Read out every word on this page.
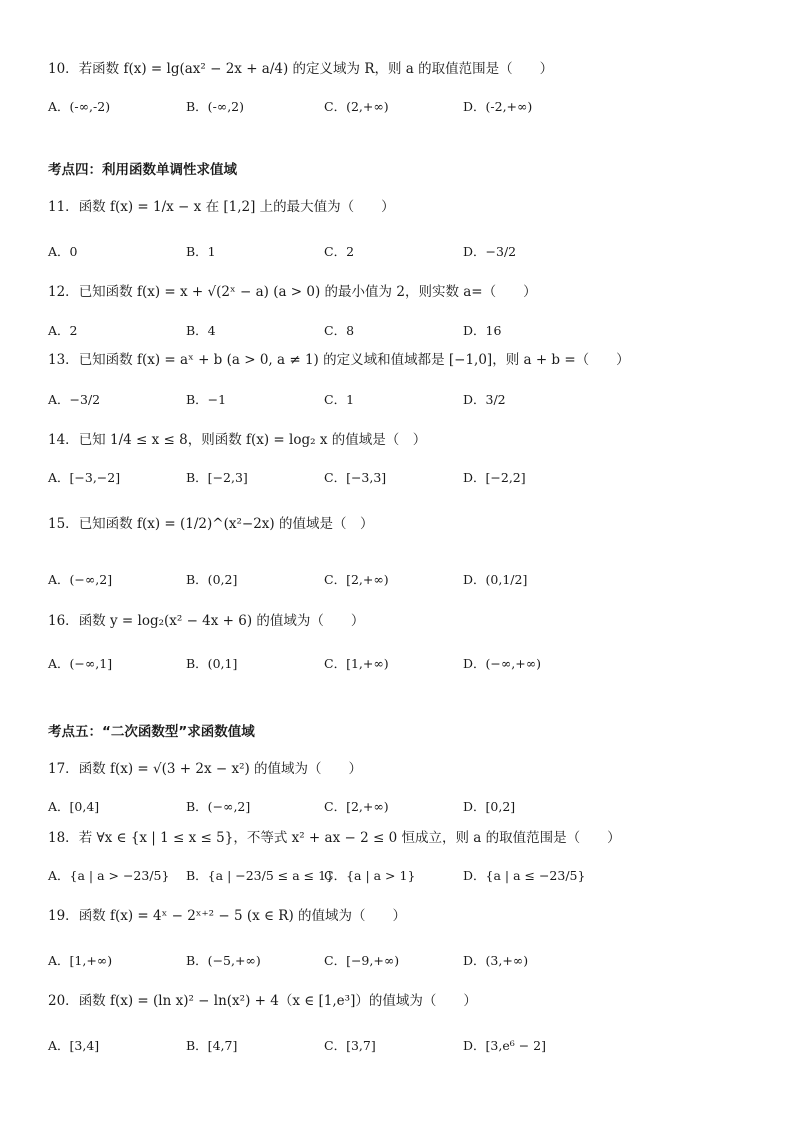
10．若函数 f(x) = lg(ax² − 2x + a/4) 的定义域为 R，则 a 的取值范围是（　　）
A．(-∞,-2)	B．(-∞,2)	C．(2,+∞)	D．(-2,+∞)
考点四：利用函数单调性求值域
11．函数 f(x) = 1/x − x 在 [1,2] 上的最大值为（　　）
A．0	B．1	C．2	D．−3/2
12．已知函数 f(x) = x + √(2ˣ − a) (a > 0) 的最小值为 2，则实数 a=（　　）
A．2	B．4	C．8	D．16
13．已知函数 f(x) = aˣ + b (a > 0, a ≠ 1) 的定义域和值域都是 [−1,0]，则 a + b =（　　）
A．−3/2	B．−1	C．1	D．3/2
14．已知 1/4 ≤ x ≤ 8，则函数 f(x) = log₂ x 的值域是（　）
A．[−3,−2]	B．[−2,3]	C．[−3,3]	D．[−2,2]
15．已知函数 f(x) = (1/2)^(x²−2x) 的值域是（　）
A．(−∞,2]	B．(0,2]	C．[2,+∞)	D．(0,1/2]
16．函数 y = log₂(x² − 4x + 6) 的值域为（　　）
A．(−∞,1]	B．(0,1]	C．[1,+∞)	D．(−∞,+∞)
考点五：“二次函数型”求函数值域
17．函数 f(x) = √(3 + 2x − x²) 的值域为（　　）
A．[0,4]	B．(−∞,2]	C．[2,+∞)	D．[0,2]
18．若 ∀x ∈ {x | 1 ≤ x ≤ 5}，不等式 x² + ax − 2 ≤ 0 恒成立，则 a 的取值范围是（　　）
A．{a | a > −23/5} B．{a | −23/5 ≤ a ≤ 1}
C．{a | a > 1}	D．{a | a ≤ −23/5}
19．函数 f(x) = 4ˣ − 2ˣ⁺² − 5 (x ∈ R) 的值域为（　　）
A．[1,+∞)	B．(−5,+∞)	C．[−9,+∞)	D．(3,+∞)
20．函数 f(x) = (ln x)² − ln(x²) + 4（x ∈ [1,e³]）的值域为（　　）
A．[3,4]	B．[4,7]	C．[3,7]	D．[3,e⁶ − 2]
